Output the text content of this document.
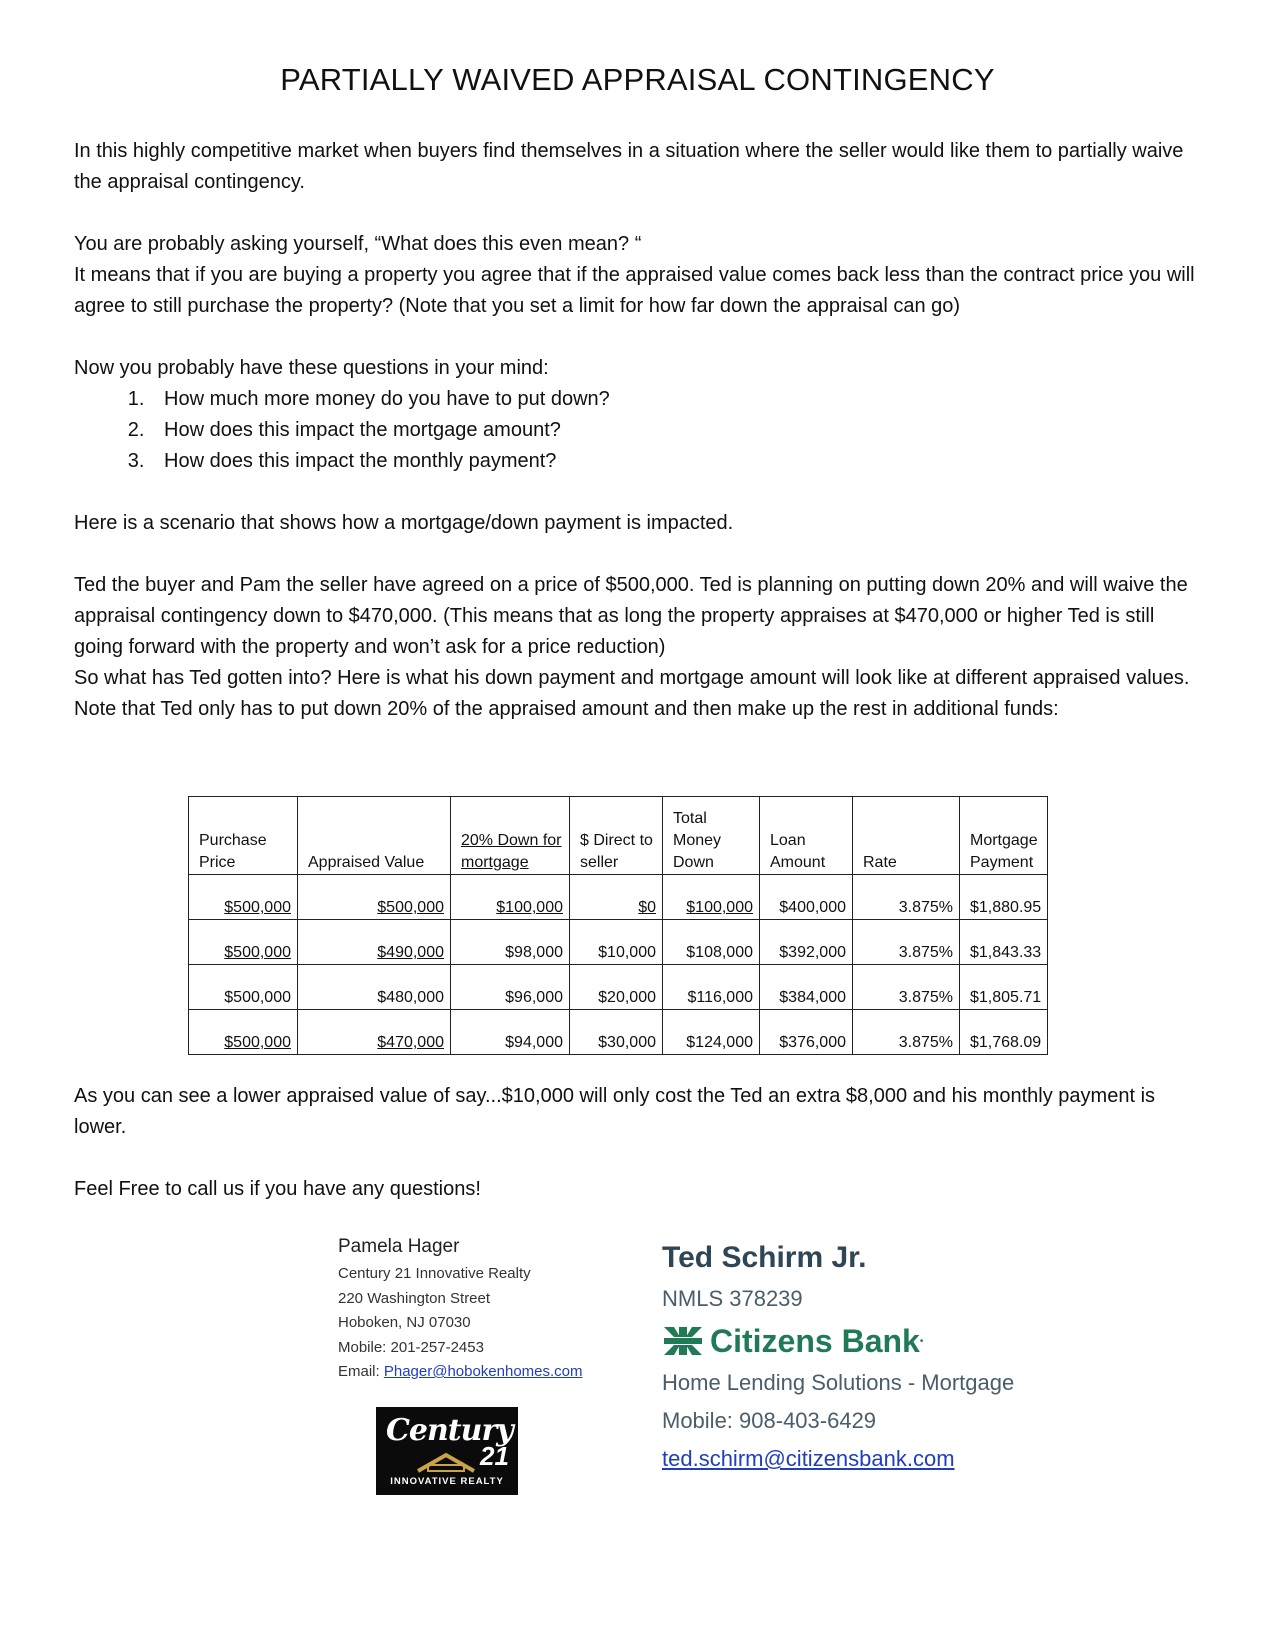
PARTIALLY WAIVED APPRAISAL CONTINGENCY

In this highly competitive market when buyers find themselves in a situation where the seller would like them to partially waive the appraisal contingency.

You are probably asking yourself, “What does this even mean? “

It means that if you are buying a property you agree that if the appraised value comes back less than the contract price you will agree to still purchase the property? (Note that you set a limit for how far down the appraisal can go)

Now you probably have these questions in your mind:

1. How much more money do you have to put down?
2. How does this impact the mortgage amount?
3. How does this impact the monthly payment?

Here is a scenario that shows how a mortgage/down payment is impacted.

Ted the buyer and Pam the seller have agreed on a price of $500,000. Ted is planning on putting down 20% and will waive the appraisal contingency down to $470,000. (This means that as long the property appraises at $470,000 or higher Ted is still going forward with the property and won’t ask for a price reduction)

So what has Ted gotten into? Here is what his down payment and mortgage amount will look like at different appraised values.

Note that Ted only has to put down 20% of the appraised amount and then make up the rest in additional funds:

Purchase Price	Appraised Value	20% Down for mortgage	$ Direct to seller	Total Money Down	Loan Amount	Rate	Mortgage Payment
$500,000	$500,000	$100,000	$0	$100,000	$400,000	3.875%	$1,880.95
$500,000	$490,000	$98,000	$10,000	$108,000	$392,000	3.875%	$1,843.33
$500,000	$480,000	$96,000	$20,000	$116,000	$384,000	3.875%	$1,805.71
$500,000	$470,000	$94,000	$30,000	$124,000	$376,000	3.875%	$1,768.09

As you can see a lower appraised value of say...$10,000 will only cost the Ted an extra $8,000 and his monthly payment is lower.

Feel Free to call us if you have any questions!

Pamela Hager
Century 21 Innovative Realty
220 Washington Street
Hoboken, NJ 07030
Mobile: 201-257-2453
Email: Phager@hobokenhomes.com
Century
21
INNOVATIVE REALTY
Ted Schirm Jr.
NMLS 378239
Citizens Bank •
Home Lending Solutions - Mortgage
Mobile: 908-403-6429
ted.schirm@citizensbank.com
